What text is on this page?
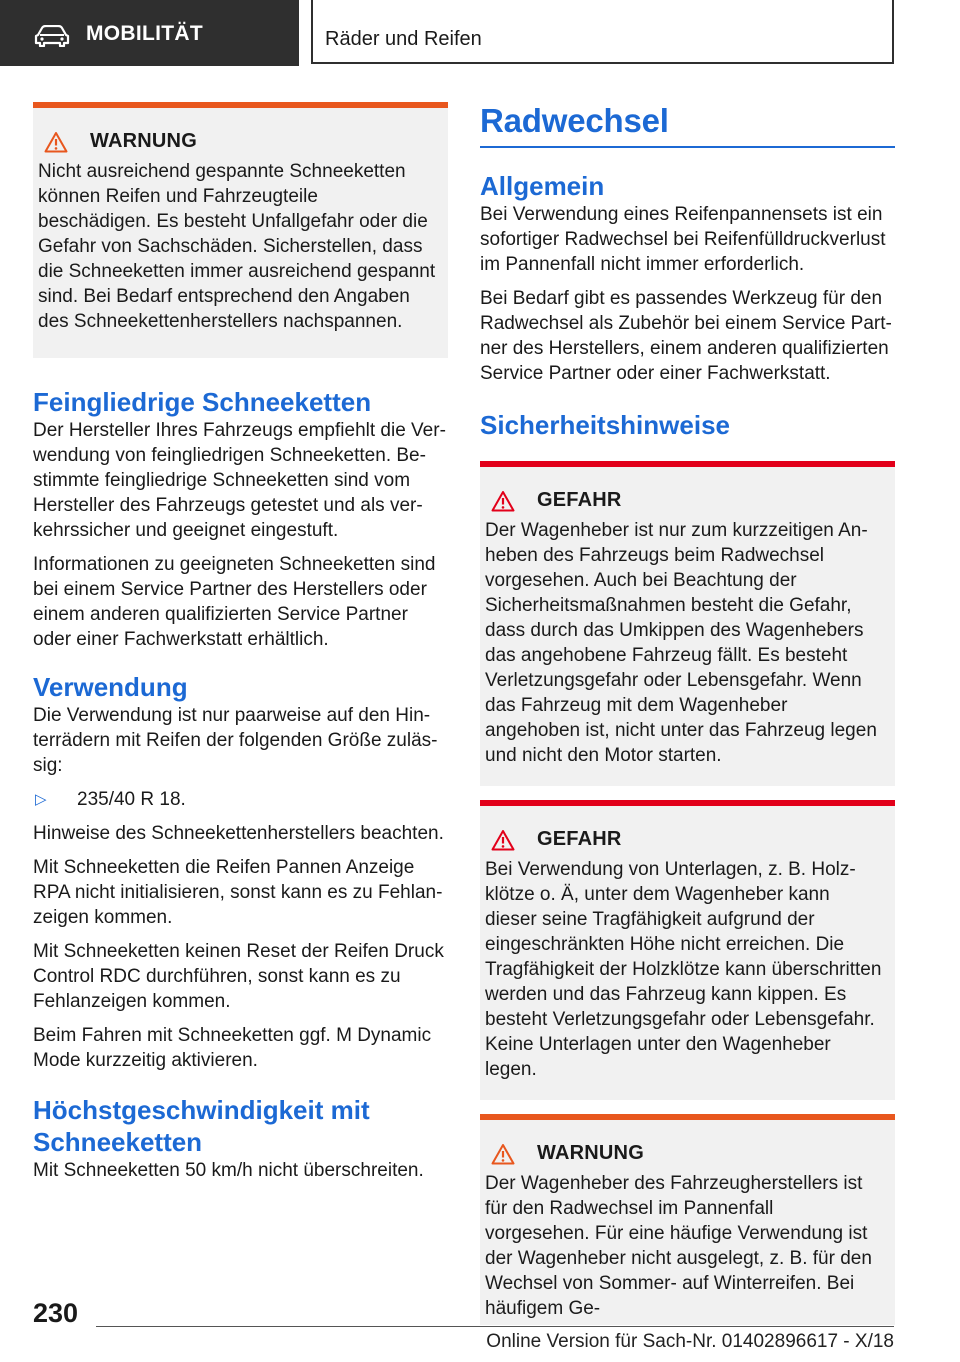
MOBILITÄT	Räder und Reifen
WARNUNG

Nicht ausreichend gespannte Schneeketten können Reifen und Fahrzeugteile beschädigen. Es besteht Unfallgefahr oder die Gefahr von Sachschäden. Sicherstellen, dass die Schneeketten immer ausreichend gespannt sind. Bei Bedarf entsprechend den Angaben des Schneekettenherstellers nachspannen.

Feingliedrige Schneeketten

Der Hersteller Ihres Fahrzeugs empfiehlt die Verwendung von feingliedrigen Schneeketten. Bestimmte feingliedrige Schneeketten sind vom Hersteller des Fahrzeugs getestet und als verkehrssicher und geeignet eingestuft.

Informationen zu geeigneten Schneeketten sind bei einem Service Partner des Herstellers oder einem anderen qualifizierten Service Partner oder einer Fachwerkstatt erhältlich.

Verwendung

Die Verwendung ist nur paarweise auf den Hinterrädern mit Reifen der folgenden Größe zulässig:

▷	235/40 R 18.

Hinweise des Schneekettenherstellers beachten.

Mit Schneeketten die Reifen Pannen Anzeige RPA nicht initialisieren, sonst kann es zu Fehlanzeigen kommen.

Mit Schneeketten keinen Reset der Reifen Druck Control RDC durchführen, sonst kann es zu Fehlanzeigen kommen.

Beim Fahren mit Schneeketten ggf. M Dynamic Mode kurzzeitig aktivieren.

Höchstgeschwindigkeit mit Schneeketten

Mit Schneeketten 50 km/h nicht überschreiten.

Radwechsel
Allgemein

Bei Verwendung eines Reifenpannensets ist ein sofortiger Radwechsel bei Reifenfülldruckverlust im Pannenfall nicht immer erforderlich.

Bei Bedarf gibt es passendes Werkzeug für den Radwechsel als Zubehör bei einem Service Partner des Herstellers, einem anderen qualifizierten Service Partner oder einer Fachwerkstatt.

Sicherheitshinweise
GEFAHR

Der Wagenheber ist nur zum kurzzeitigen Anheben des Fahrzeugs beim Radwechsel vorgesehen. Auch bei Beachtung der Sicherheitsmaßnahmen besteht die Gefahr, dass durch das Umkippen des Wagenhebers das angehobene Fahrzeug fällt. Es besteht Verletzungsgefahr oder Lebensgefahr. Wenn das Fahrzeug mit dem Wagenheber angehoben ist, nicht unter das Fahrzeug legen und nicht den Motor starten.

GEFAHR

Bei Verwendung von Unterlagen, z. B. Holzklötze o. Ä, unter dem Wagenheber kann dieser seine Tragfähigkeit aufgrund der eingeschränkten Höhe nicht erreichen. Die Tragfähigkeit der Holzklötze kann überschritten werden und das Fahrzeug kann kippen. Es besteht Verletzungsgefahr oder Lebensgefahr. Keine Unterlagen unter den Wagenheber legen.

WARNUNG

Der Wagenheber des Fahrzeugherstellers ist für den Radwechsel im Pannenfall vorgesehen. Für eine häufige Verwendung ist der Wagenheber nicht ausgelegt, z. B. für den Wechsel von Sommer- auf Winterreifen. Bei häufigem Ge-

230
Online Version für Sach-Nr. 01402896617 - X/18
